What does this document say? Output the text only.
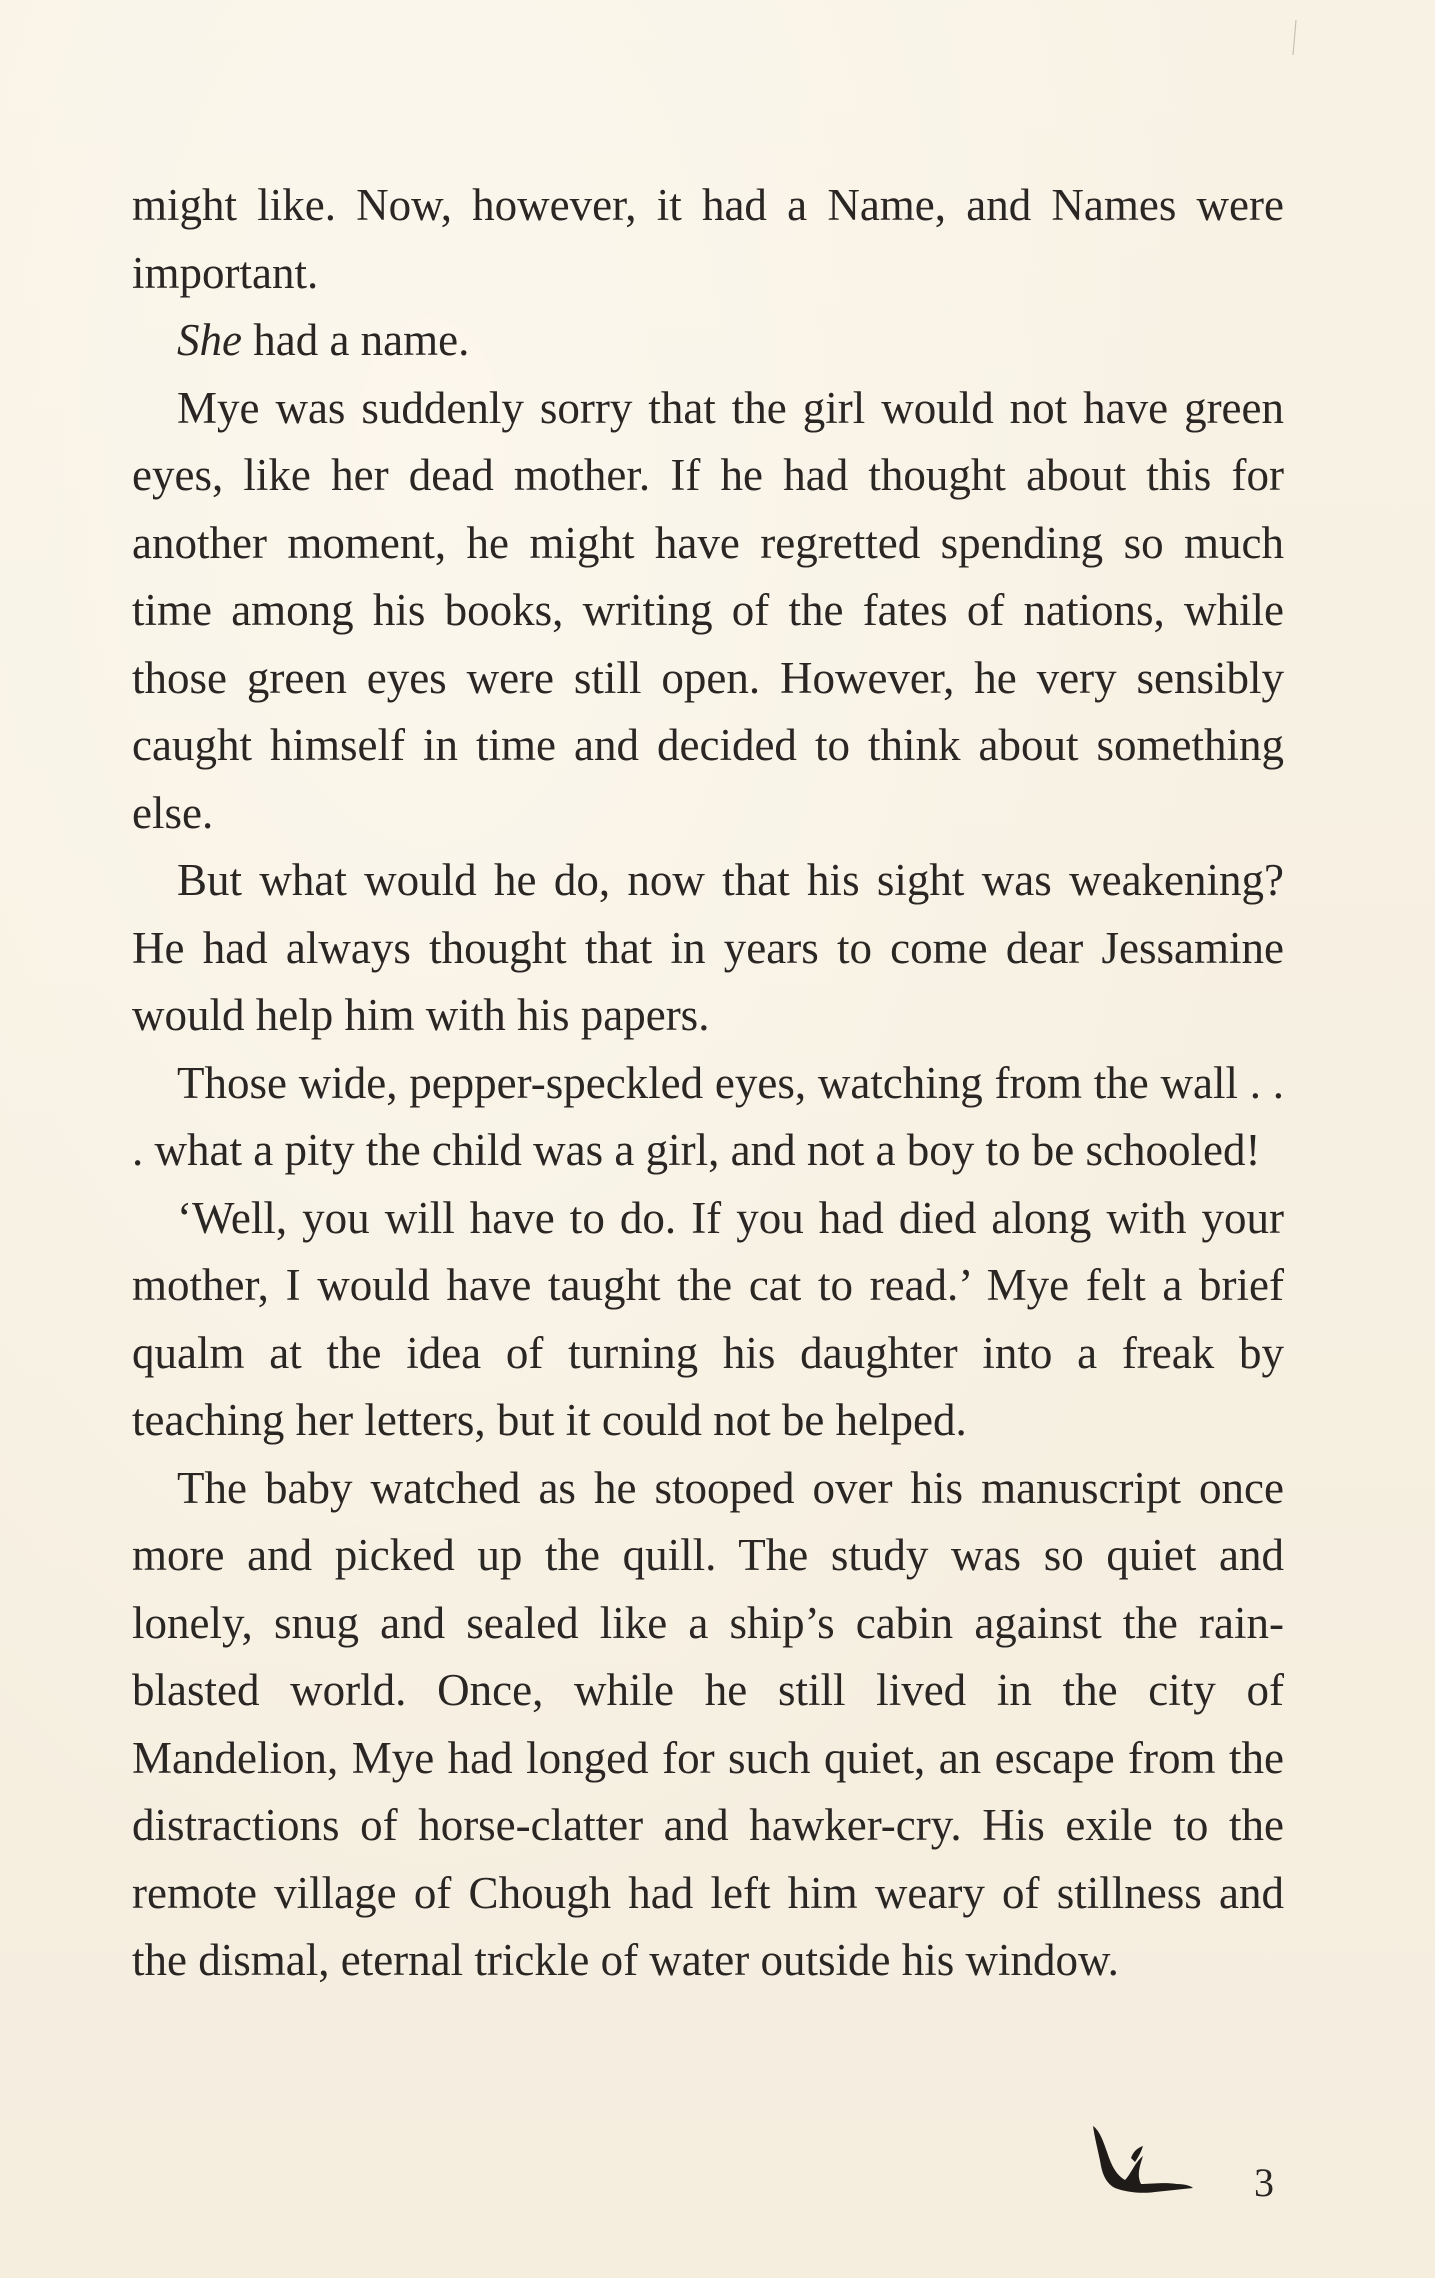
might like. Now, however, it had a Name, and Names were important.

She had a name.

Mye was suddenly sorry that the girl would not have green eyes, like her dead mother. If he had thought about this for another moment, he might have regretted spending so much time among his books, writing of the fates of nations, while those green eyes were still open. However, he very sensibly caught himself in time and decided to think about something else.

But what would he do, now that his sight was weakening? He had always thought that in years to come dear Jessamine would help him with his papers.

Those wide, pepper-speckled eyes, watching from the wall . . . what a pity the child was a girl, and not a boy to be schooled!

‘Well, you will have to do. If you had died along with your mother, I would have taught the cat to read.’ Mye felt a brief qualm at the idea of turning his daughter into a freak by teaching her letters, but it could not be helped.

The baby watched as he stooped over his manuscript once more and picked up the quill. The study was so quiet and lonely, snug and sealed like a ship’s cabin against the rain-blasted world. Once, while he still lived in the city of Mandelion, Mye had longed for such quiet, an escape from the distractions of horse-clatter and hawker-cry. His exile to the remote village of Chough had left him weary of stillness and the dismal, eternal trickle of water outside his window.

3
